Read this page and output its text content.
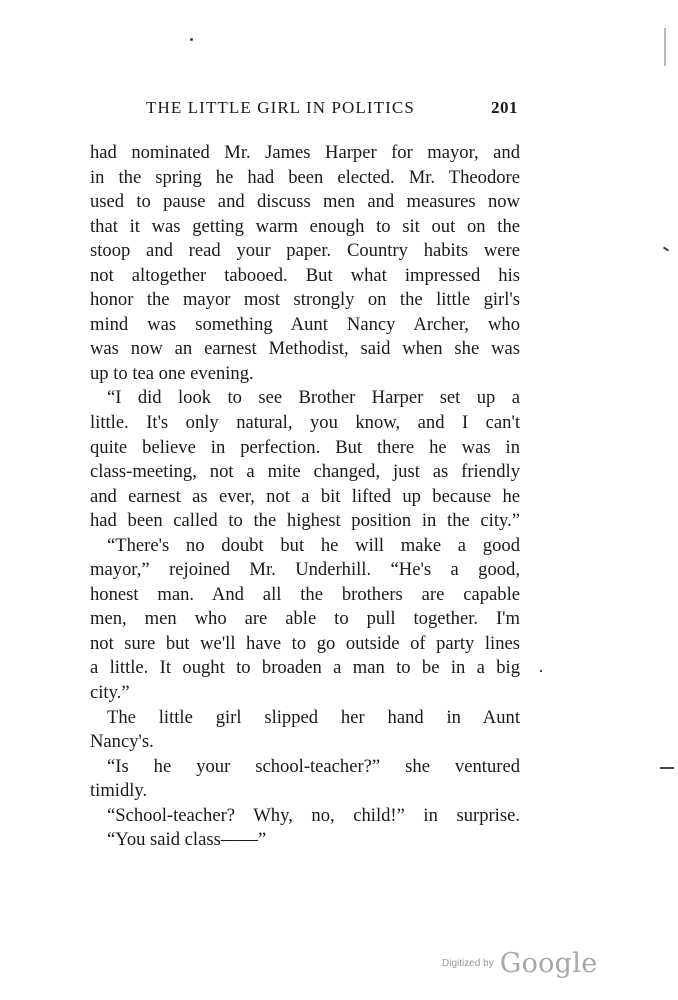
THE LITTLE GIRL IN POLITICS	201
had nominated Mr. James Harper for mayor, and
in the spring he had been elected. Mr. Theodore
used to pause and discuss men and measures now
that it was getting warm enough to sit out on the
stoop and read your paper. Country habits were
not altogether tabooed. But what impressed his
honor the mayor most strongly on the little girl's
mind was something Aunt Nancy Archer, who
was now an earnest Methodist, said when she was
up to tea one evening.
“I did look to see Brother Harper set up a
little. It's only natural, you know, and I can't
quite believe in perfection. But there he was in
class-meeting, not a mite changed, just as friendly
and earnest as ever, not a bit lifted up because he
had been called to the highest position in the city.”
“There's no doubt but he will make a good
mayor,” rejoined Mr. Underhill. “He's a good,
honest man. And all the brothers are capable
men, men who are able to pull together. I'm
not sure but we'll have to go outside of party lines
a little. It ought to broaden a man to be in a big
city.”
The little girl slipped her hand in Aunt
Nancy's.
“Is he your school-teacher?” she ventured
timidly.
“School-teacher? Why, no, child!” in surprise.
“You said class——”
Digitized by Google
